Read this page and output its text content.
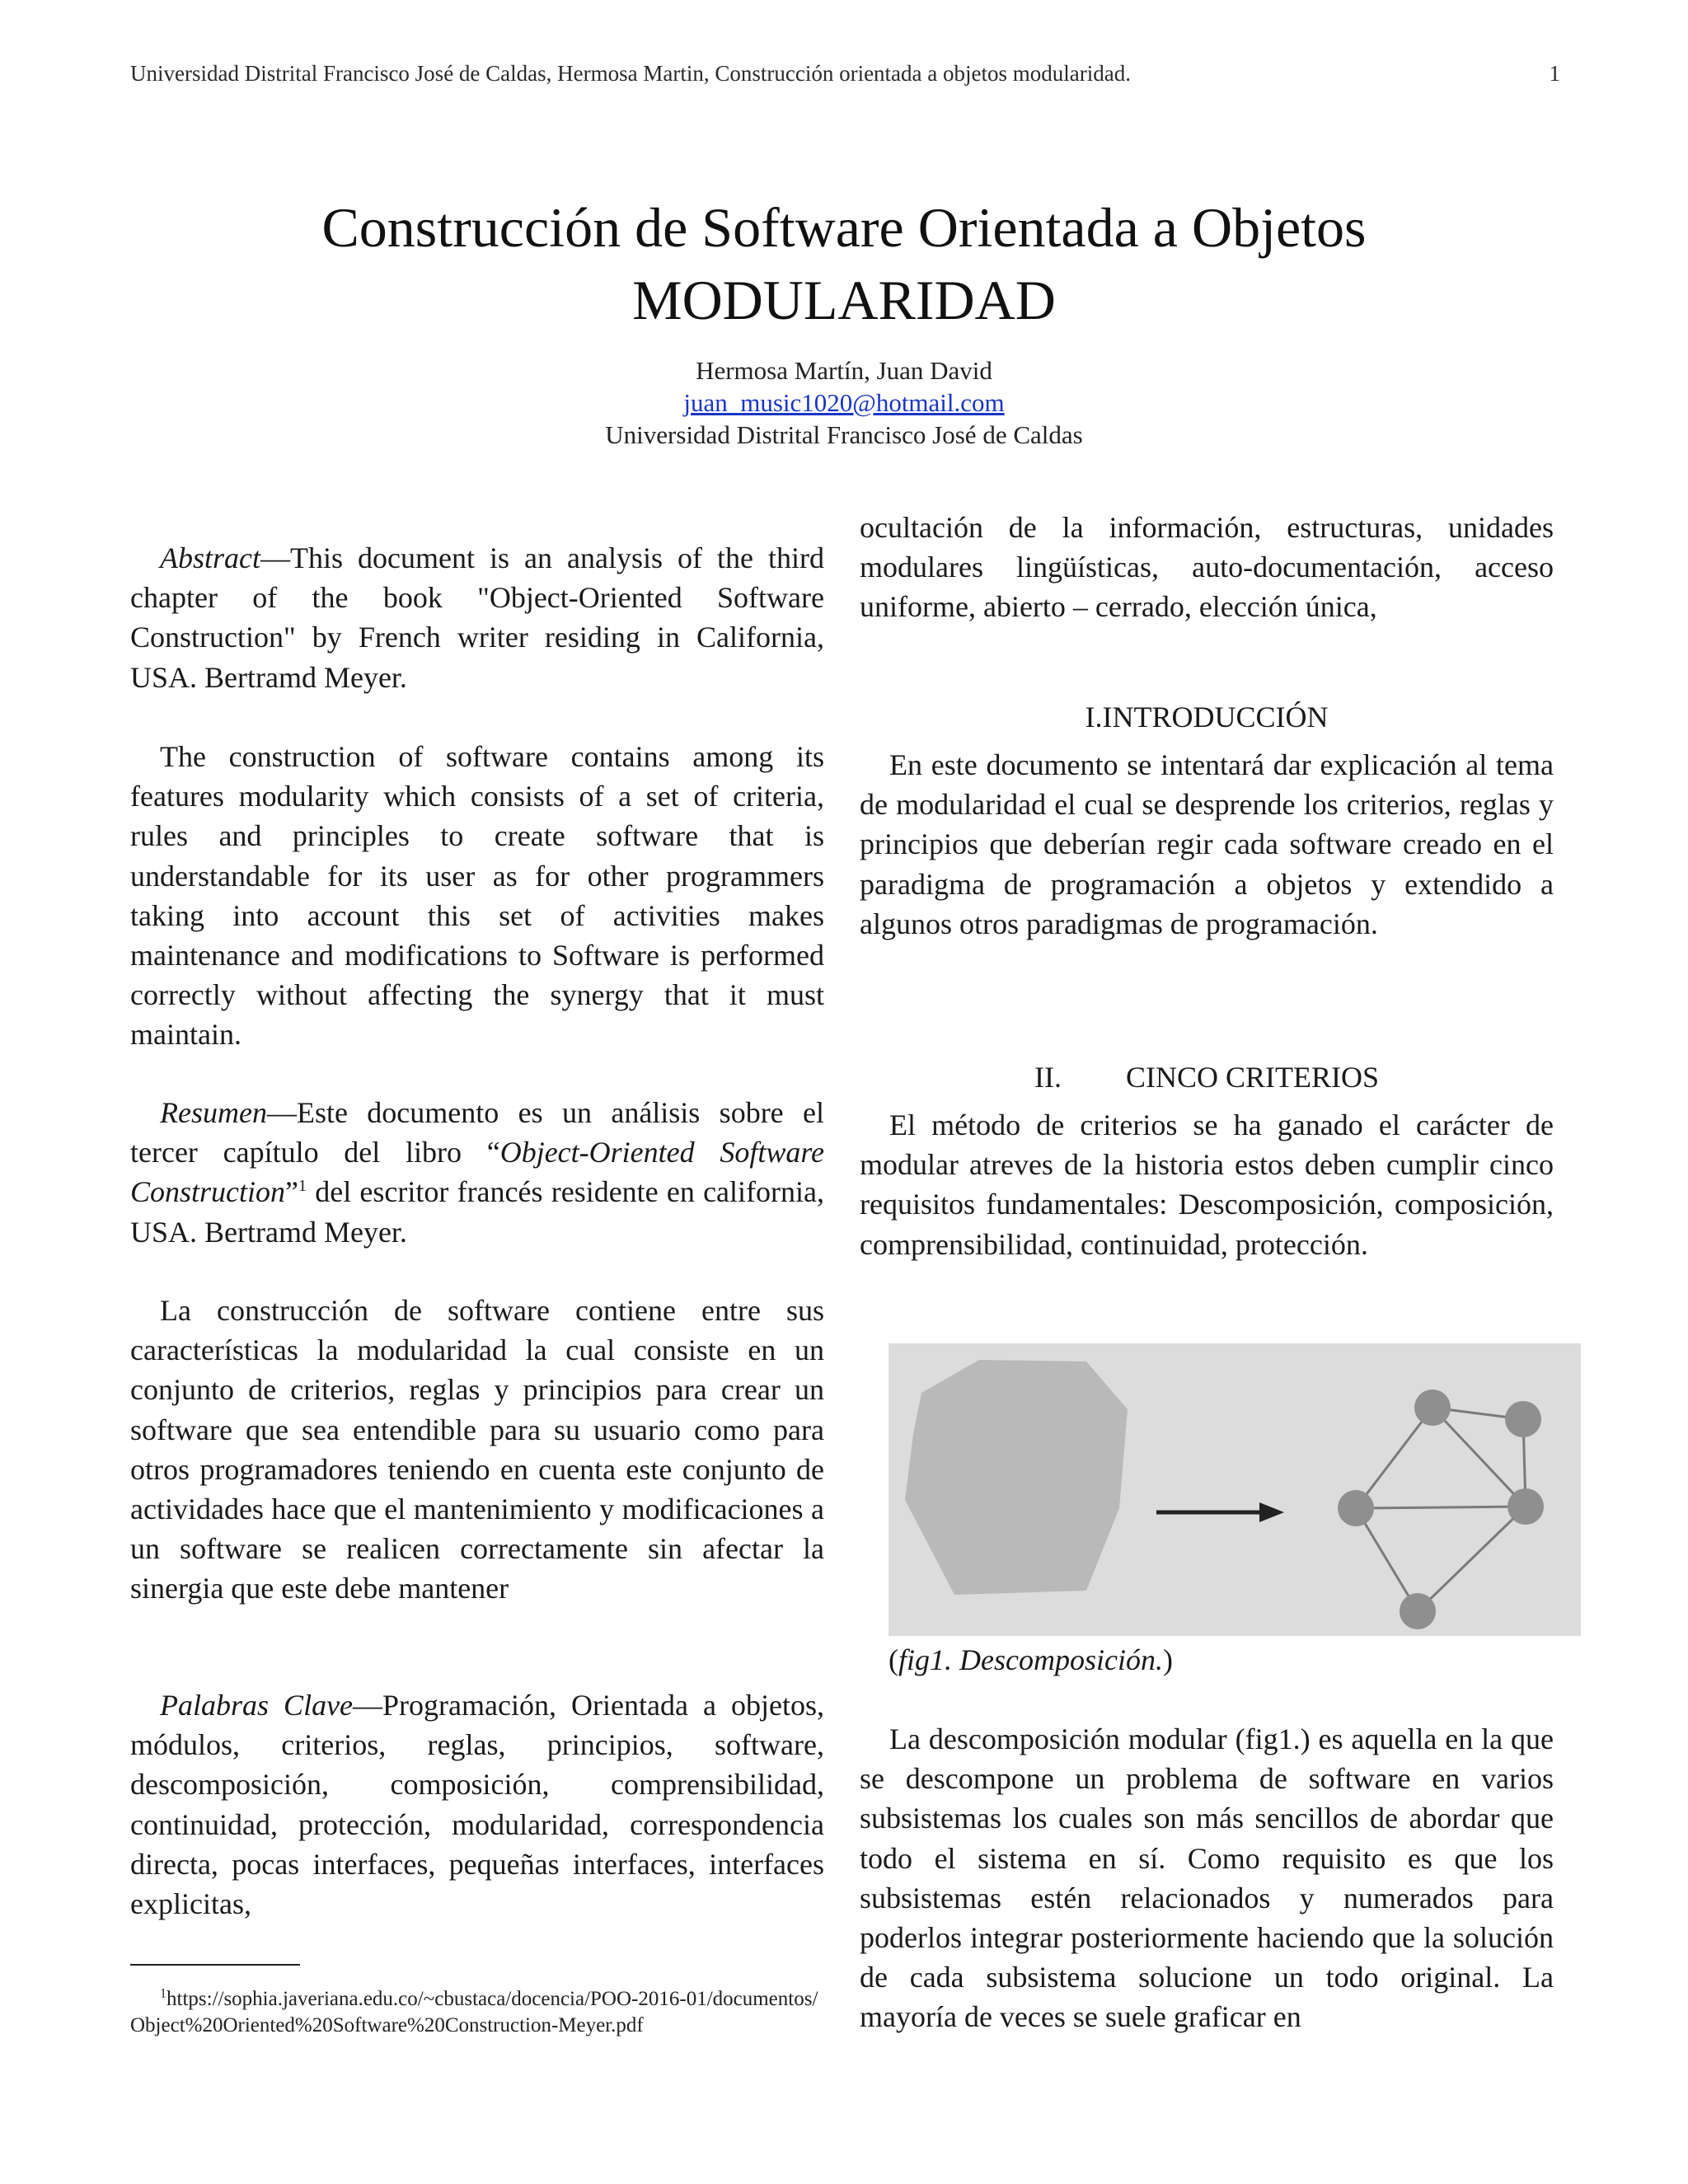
Universidad Distrital Francisco José de Caldas, Hermosa Martin, Construcción orientada a objetos modularidad.	1
Construcción de Software Orientada a Objetos
MODULARIDAD
Hermosa Martín, Juan David
juan_music1020@hotmail.com
Universidad Distrital Francisco José de Caldas

Abstract—This document is an analysis of the third chapter of the book "Object-Oriented Software Construction" by French writer residing in California, USA. Bertramd Meyer.

The construction of software contains among its features modularity which consists of a set of criteria, rules and principles to create software that is understandable for its user as for other programmers taking into account this set of activities makes maintenance and modifications to Software is performed correctly without affecting the synergy that it must maintain.

Resumen—Este documento es un análisis sobre el tercer capítulo del libro “Object-Oriented Software Construction”$^1$ del escritor francés residente en california, USA. Bertramd Meyer.

La construcción de software contiene entre sus características la modularidad la cual consiste en un conjunto de criterios, reglas y principios para crear un software que sea entendible para su usuario como para otros programadores teniendo en cuenta este conjunto de actividades hace que el mantenimiento y modificaciones a un software se realicen correctamente sin afectar la sinergia que este debe mantener

Palabras Clave—Programación, Orientada a objetos, módulos, criterios, reglas, principios, software, descomposición, composición, comprensibilidad, continuidad, protección, modularidad, correspondencia directa, pocas interfaces, pequeñas interfaces, interfaces explicitas,

$^1$https://sophia.javeriana.edu.co/~cbustaca/docencia/POO-2016-01/documentos/Object%20Oriented%20Software%20Construction-Meyer.pdf

ocultación de la información, estructuras, unidades modulares lingüísticas, auto-documentación, acceso uniforme, abierto – cerrado, elección única,

I.INTRODUCCIÓN

En este documento se intentará dar explicación al tema de modularidad el cual se desprende los criterios, reglas y principios que deberían regir cada software creado en el paradigma de programación a objetos y extendido a algunos otros paradigmas de programación.

II. CINCO CRITERIOS

El método de criterios se ha ganado el carácter de modular atreves de la historia estos deben cumplir cinco requisitos fundamentales: Descomposición, composición, comprensibilidad, continuidad, protección.

La descomposición modular (fig1.) es aquella en la que se descompone un problema de software en varios subsistemas los cuales son más sencillos de abordar que todo el sistema en sí. Como requisito es que los subsistemas estén relacionados y numerados para poderlos integrar posteriormente haciendo que la solución de cada subsistema solucione un todo original. La mayoría de veces se suele graficar en

(fig1. Descomposición.)
